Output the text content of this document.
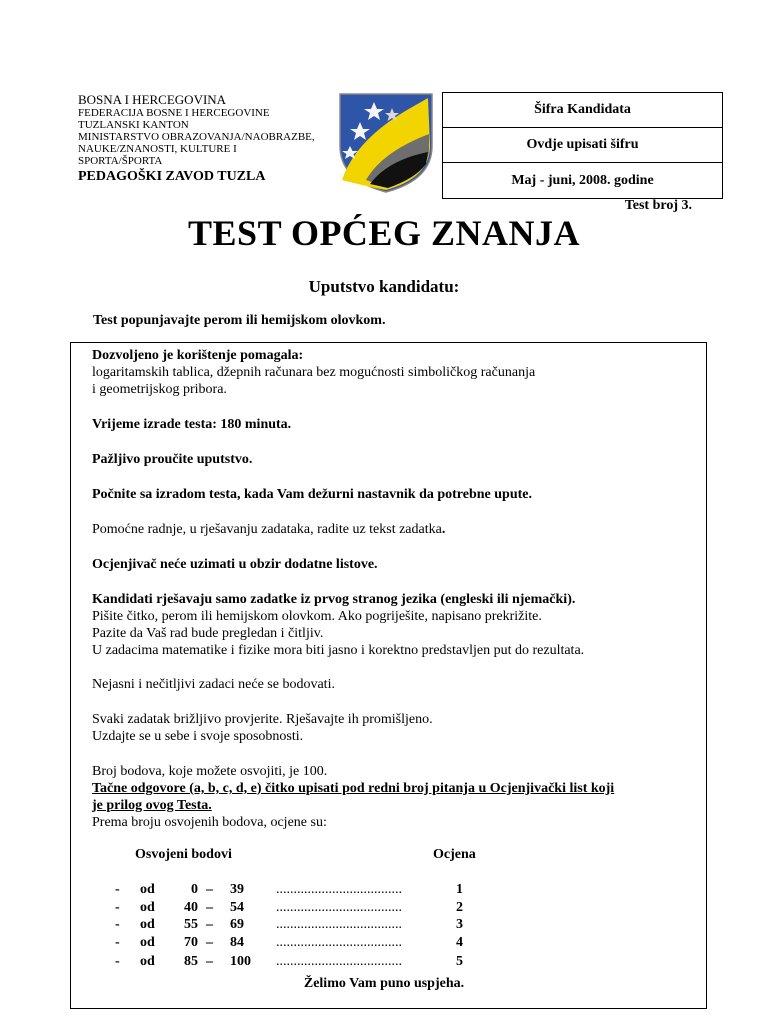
BOSNA I HERCEGOVINA
FEDERACIJA BOSNE I HERCEGOVINE
TUZLANSKI KANTON
MINISTARSTVO OBRAZOVANJA/NAOBRAZBE,
NAUKE/ZNANOSTI, KULTURE I
SPORTA/ŠPORTA
PEDAGOŠKI ZAVOD TUZLA
Šifra Kandidata
Ovdje upisati šifru
Maj - juni, 2008. godine
Test broj 3.
TEST OPĆEG ZNANJA
Uputstvo kandidatu:
Test popunjavajte perom ili hemijskom olovkom.

Dozvoljeno je korištenje pomagala:

logaritamskih tablica, džepnih računara bez mogućnosti simboličkog računanja

i geometrijskog pribora.

Vrijeme izrade testa: 180 minuta.

Pažljivo proučite uputstvo.

Počnite sa izradom testa, kada Vam dežurni nastavnik da potrebne upute.

Pomoćne radnje, u rješavanju zadataka, radite uz tekst zadatka.

Ocjenjivač neće uzimati u obzir dodatne listove.

Kandidati rješavaju samo zadatke iz prvog stranog jezika (engleski ili njemački).

Pišite čitko, perom ili hemijskom olovkom. Ako pogriješite, napisano prekrižite.

Pazite da Vaš rad bude pregledan i čitljiv.

U zadacima matematike i fizike mora biti jasno i korektno predstavljen put do rezultata.

Nejasni i nečitljivi zadaci neće se bodovati.

Svaki zadatak brižljivo provjerite. Rješavajte ih promišljeno.

Uzdajte se u sebe i svoje sposobnosti.

Broj bodova, koje možete osvojiti, je 100.

Tačne odgovore (a, b, c, d, e) čitko upisati pod redni broj pitanja u Ocjenjivački list koji

je prilog ovog Testa.

Prema broju osvojenih bodova, ocjene su:

Osvojeni bodovi	Ocjena
- od	0 – 39 ....................................	1
- od	40 – 54 ....................................	2
- od	55 – 69 ....................................	3
- od	70 – 84 ....................................	4
- od	85 – 100 ....................................	5
Želimo Vam puno uspjeha.
